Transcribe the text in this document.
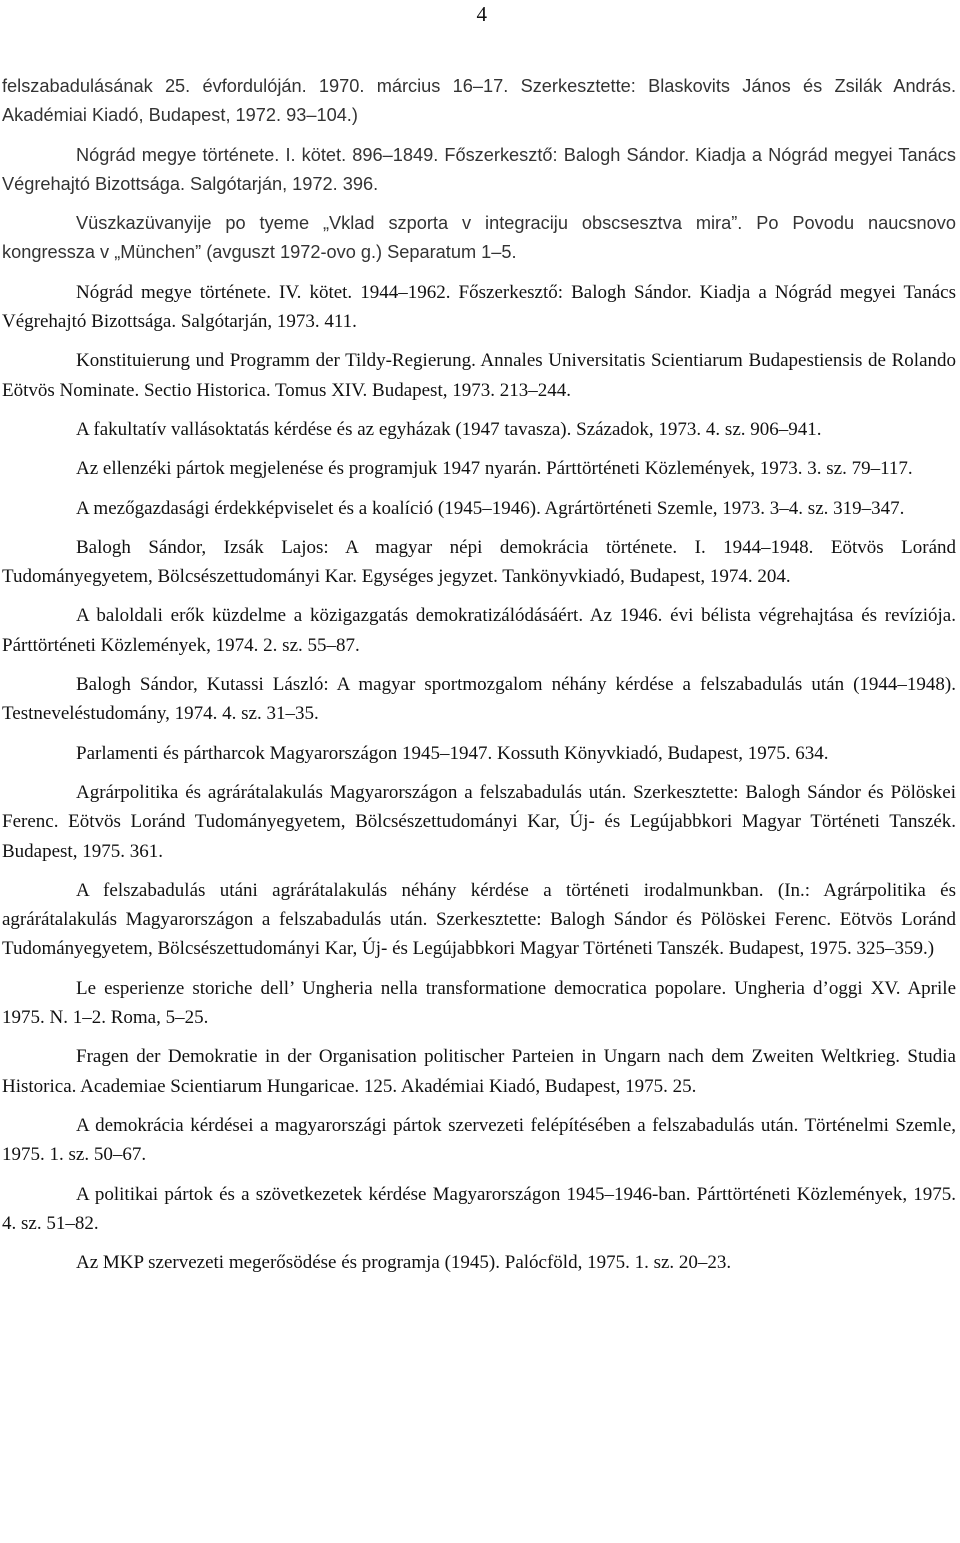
4

felszabadulásának 25. évfordulóján. 1970. március 16–17. Szerkesztette: Blaskovits János és Zsilák András. Akadémiai Kiadó, Budapest, 1972. 93–104.)

Nógrád megye története. I. kötet. 896–1849. Főszerkesztő: Balogh Sándor. Kiadja a Nógrád megyei Tanács Végrehajtó Bizottsága. Salgótarján, 1972. 396.

Vüszkazüvanyije po tyeme „Vklad szporta v integraciju obscsesztva mira”. Po Povodu naucsnovo kongressza v „München” (avguszt 1972-ovo g.) Separatum 1–5.

Nógrád megye története. IV. kötet. 1944–1962. Főszerkesztő: Balogh Sándor. Kiadja a Nógrád megyei Tanács Végrehajtó Bizottsága. Salgótarján, 1973. 411.

Konstituierung und Programm der Tildy-Regierung. Annales Universitatis Scientiarum Budapestiensis de Rolando Eötvös Nominate. Sectio Historica. Tomus XIV. Budapest, 1973. 213–244.

A fakultatív vallásoktatás kérdése és az egyházak (1947 tavasza). Századok, 1973. 4. sz. 906–941.

Az ellenzéki pártok megjelenése és programjuk 1947 nyarán. Párttörténeti Közlemények, 1973. 3. sz. 79–117.

A mezőgazdasági érdekképviselet és a koalíció (1945–1946). Agrártörténeti Szemle, 1973. 3–4. sz. 319–347.

Balogh Sándor, Izsák Lajos: A magyar népi demokrácia története. I. 1944–1948. Eötvös Loránd Tudományegyetem, Bölcsészettudományi Kar. Egységes jegyzet. Tankönyvkiadó, Budapest, 1974. 204.

A baloldali erők küzdelme a közigazgatás demokratizálódásáért. Az 1946. évi bélista végrehajtása és revíziója. Párttörténeti Közlemények, 1974. 2. sz. 55–87.

Balogh Sándor, Kutassi László: A magyar sportmozgalom néhány kérdése a felszabadulás után (1944–1948). Testneveléstudomány, 1974. 4. sz. 31–35.

Parlamenti és pártharcok Magyarországon 1945–1947. Kossuth Könyvkiadó, Budapest, 1975. 634.

Agrárpolitika és agrárátalakulás Magyarországon a felszabadulás után. Szerkesztette: Balogh Sándor és Pölöskei Ferenc. Eötvös Loránd Tudományegyetem, Bölcsészettudományi Kar, Új- és Legújabbkori Magyar Történeti Tanszék. Budapest, 1975. 361.

A felszabadulás utáni agrárátalakulás néhány kérdése a történeti irodalmunkban. (In.: Agrárpolitika és agrárátalakulás Magyarországon a felszabadulás után. Szerkesztette: Balogh Sándor és Pölöskei Ferenc. Eötvös Loránd Tudományegyetem, Bölcsészettudományi Kar, Új- és Legújabbkori Magyar Történeti Tanszék. Budapest, 1975. 325–359.)

Le esperienze storiche dell’ Ungheria nella transformatione democratica popolare. Ungheria d’oggi XV. Aprile 1975. N. 1–2. Roma, 5–25.

Fragen der Demokratie in der Organisation politischer Parteien in Ungarn nach dem Zweiten Weltkrieg. Studia Historica. Academiae Scientiarum Hungaricae. 125. Akadémiai Kiadó, Budapest, 1975. 25.

A demokrácia kérdései a magyarországi pártok szervezeti felépítésében a felszabadulás után. Történelmi Szemle, 1975. 1. sz. 50–67.

A politikai pártok és a szövetkezetek kérdése Magyarországon 1945–1946-ban. Párttörténeti Közlemények, 1975. 4. sz. 51–82.

Az MKP szervezeti megerősödése és programja (1945). Palócföld, 1975. 1. sz. 20–23.
